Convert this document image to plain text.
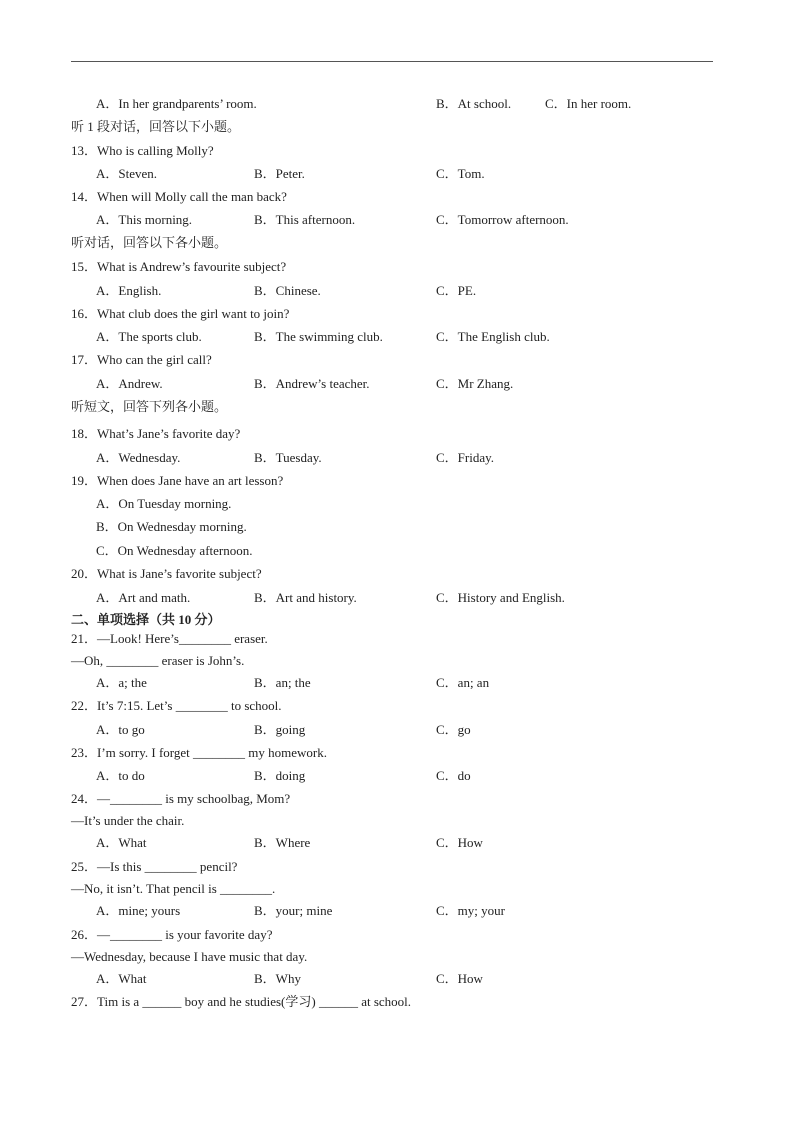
A．In her grandparents’ room.	B．At school.	C．In her room.
听 1 段对话，回答以下小题。
13．Who is calling Molly?
A．Steven.	B．Peter.	C．Tom.
14．When will Molly call the man back?
A．This morning.	B．This afternoon.	C．Tomorrow afternoon.
听对话，回答以下各小题。
15．What is Andrew’s favourite subject?
A．English.	B．Chinese.	C．PE.
16．What club does the girl want to join?
A．The sports club.	B．The swimming club.	C．The English club.
17．Who can the girl call?
A．Andrew.	B．Andrew’s teacher.	C．Mr Zhang.
听短文，回答下列各小题。
18．What’s Jane’s favorite day?
A．Wednesday.	B．Tuesday.	C．Friday.
19．When does Jane have an art lesson?
A．On Tuesday morning.
B．On Wednesday morning.
C．On Wednesday afternoon.
20．What is Jane’s favorite subject?
A．Art and math.	B．Art and history.	C．History and English.
二、单项选择（共 10 分）
21．—Look! Here’s________ eraser.
—Oh, ________ eraser is John’s.
A．a; the	B．an; the	C．an; an
22．It’s 7:15. Let’s ________ to school.
A．to go	B．going	C．go
23．I’m sorry. I forget ________ my homework.
A．to do	B．doing	C．do
24．—________ is my schoolbag, Mom?
—It’s under the chair.
A．What	B．Where	C．How
25．—Is this ________ pencil?
—No, it isn’t. That pencil is ________.
A．mine; yours	B．your; mine	C．my; your
26．—________ is your favorite day?
—Wednesday, because I have music that day.
A．What	B．Why	C．How
27．Tim is a ______ boy and he studies(学习) ______ at school.
